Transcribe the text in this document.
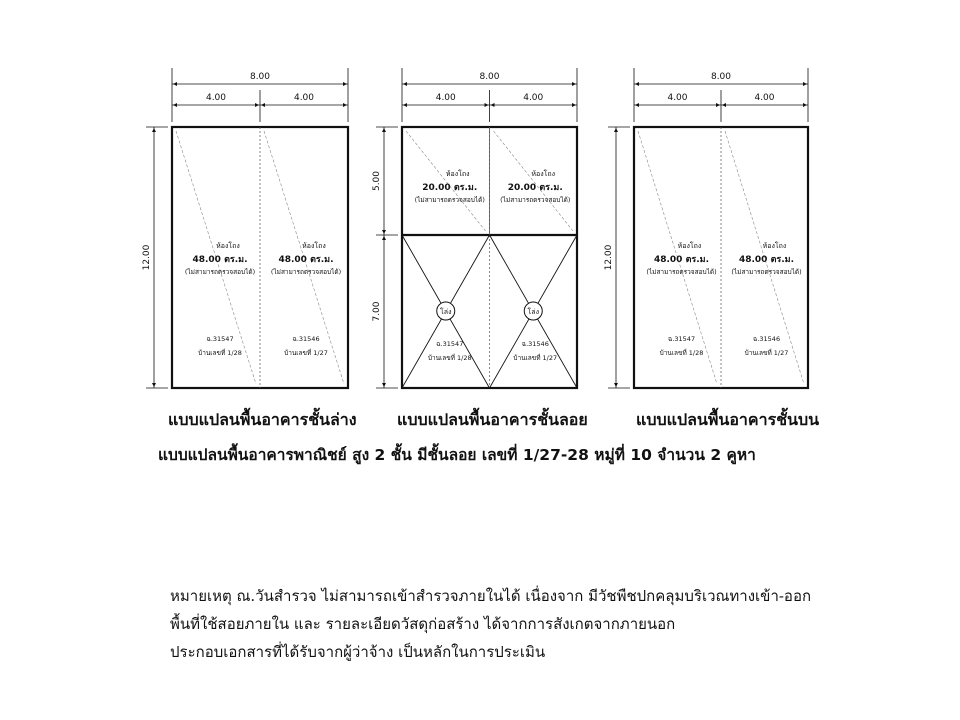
8.00
4.00	4.00
12.00	ห้องโถง
48.00 ตร.ม.
(ไม่สามารถตรวจสอบได้)
ฉ.31547
บ้านเลขที่ 1/28
ห้องโถง
48.00 ตร.ม.
(ไม่สามารถตรวจสอบได้)
ฉ.31546
บ้านเลขที่ 1/27
8.00
4.00	4.00
5.00
7.00	โล่ง	โล่ง
ห้องโถง
20.00 ตร.ม.
(ไม่สามารถตรวจสอบได้)
ฉ.31547
บ้านเลขที่ 1/28
ห้องโถง
20.00 ตร.ม.
(ไม่สามารถตรวจสอบได้)
ฉ.31546
บ้านเลขที่ 1/27
8.00
4.00	4.00
12.00	ห้องโถง
48.00 ตร.ม.
(ไม่สามารถตรวจสอบได้)
ฉ.31547
บ้านเลขที่ 1/28
ห้องโถง
48.00 ตร.ม.
(ไม่สามารถตรวจสอบได้)
ฉ.31546
บ้านเลขที่ 1/27
แบบแปลนพื้นอาคารชั้นล่าง	แบบแปลนพื้นอาคารชั้นลอย	แบบแปลนพื้นอาคารชั้นบน
แบบแปลนพื้นอาคารพาณิชย์ สูง 2 ชั้น มีชั้นลอย เลขที่ 1/27-28 หมู่ที่ 10 จำนวน 2 คูหา
หมายเหตุ ณ.วันสำรวจ ไม่สามารถเข้าสำรวจภายในได้ เนื่องจาก มีวัชพืชปกคลุมบริเวณทางเข้า-ออก
พื้นที่ใช้สอยภายใน และ รายละเอียดวัสดุก่อสร้าง ได้จากการสังเกตจากภายนอก
ประกอบเอกสารที่ได้รับจากผู้ว่าจ้าง เป็นหลักในการประเมิน
